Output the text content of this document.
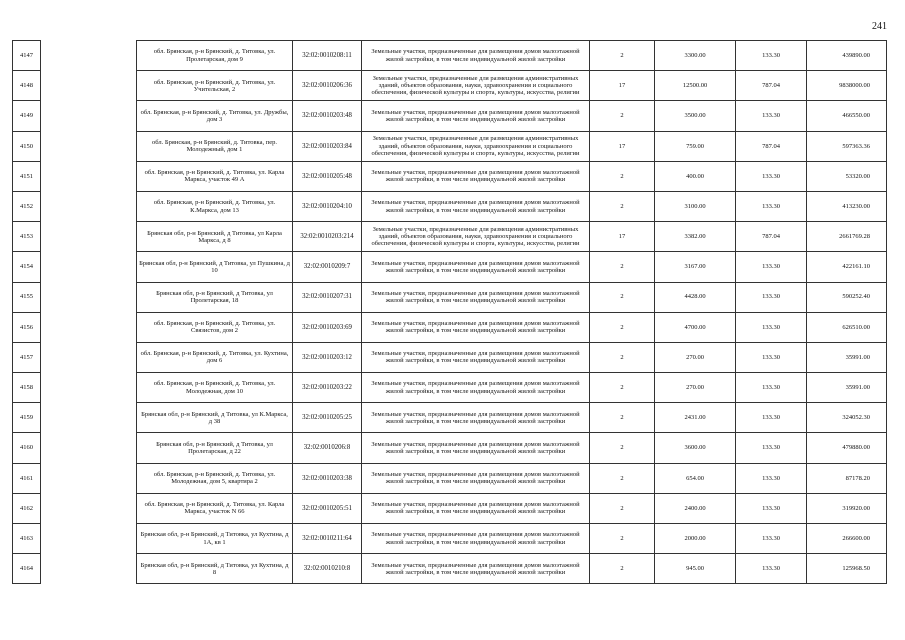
241
4147		обл. Брянская, р-н Брянский, д. Титовка, ул. Пролетарская, дом 9	32:02:0010208:11	Земельные участки, предназначенные для размещения домов малоэтажной жилой застройки, в том числе индивидуальной жилой застройки	2	3300.00	133.30	439890.00
4148		обл. Брянская, р-н Брянский, д. Титовка, ул. Учительская, 2	32:02:0010206:36	Земельные участки, предназначенные для размещения административных зданий, объектов образования, науки, здравоохранения и социального обеспечения, физической культуры и спорта, культуры, искусства, религии	17	12500.00	787.04	9838000.00
4149		обл. Брянская, р-н Брянский, д. Титовка, ул. Дружбы, дом 3	32:02:0010203:48	Земельные участки, предназначенные для размещения домов малоэтажной жилой застройки, в том числе индивидуальной жилой застройки	2	3500.00	133.30	466550.00
4150		обл. Брянская, р-н Брянский, д. Титовка, пер. Молодежный, дом 1	32:02:0010203:84	Земельные участки, предназначенные для размещения административных зданий, объектов образования, науки, здравоохранения и социального обеспечения, физической культуры и спорта, культуры, искусства, религии	17	759.00	787.04	597363.36
4151		обл. Брянская, р-н Брянский, д. Титовка, ул. Карла Маркса, участок 49 А	32:02:0010205:48	Земельные участки, предназначенные для размещения домов малоэтажной жилой застройки, в том числе индивидуальной жилой застройки	2	400.00	133.30	53320.00
4152		обл. Брянская, р-н Брянский, д. Титовка, ул. К.Маркса, дом 13	32:02:0010204:10	Земельные участки, предназначенные для размещения домов малоэтажной жилой застройки, в том числе индивидуальной жилой застройки	2	3100.00	133.30	413230.00
4153		Брянская обл, р-н Брянский, д Титовка, ул Карла Маркса, д 8	32:02:0010203:214	Земельные участки, предназначенные для размещения административных зданий, объектов образования, науки, здравоохранения и социального обеспечения, физической культуры и спорта, культуры, искусства, религии	17	3382.00	787.04	2661769.28
4154		Брянская обл, р-н Брянский, д Титовка, ул Пушкина, д 10	32:02:0010209:7	Земельные участки, предназначенные для размещения домов малоэтажной жилой застройки, в том числе индивидуальной жилой застройки	2	3167.00	133.30	422161.10
4155		Брянская обл, р-н Брянский, д Титовка, ул Пролетарская, 18	32:02:0010207:31	Земельные участки, предназначенные для размещения домов малоэтажной жилой застройки, в том числе индивидуальной жилой застройки	2	4428.00	133.30	590252.40
4156		обл. Брянская, р-н Брянский, д. Титовка, ул. Связистов, дом 2	32:02:0010203:69	Земельные участки, предназначенные для размещения домов малоэтажной жилой застройки, в том числе индивидуальной жилой застройки	2	4700.00	133.30	626510.00
4157		обл. Брянская, р-н Брянский, д. Титовка, ул. Кухтина, дом 6	32:02:0010203:12	Земельные участки, предназначенные для размещения домов малоэтажной жилой застройки, в том числе индивидуальной жилой застройки	2	270.00	133.30	35991.00
4158		обл. Брянская, р-н Брянский, д. Титовка, ул. Молодежная, дом 10	32:02:0010203:22	Земельные участки, предназначенные для размещения домов малоэтажной жилой застройки, в том числе индивидуальной жилой застройки	2	270.00	133.30	35991.00
4159		Брянская обл, р-н Брянский, д Титовка, ул К.Маркса, д 38	32:02:0010205:25	Земельные участки, предназначенные для размещения домов малоэтажной жилой застройки, в том числе индивидуальной жилой застройки	2	2431.00	133.30	324052.30
4160		Брянская обл, р-н Брянский, д Титовка, ул Пролетарская, д 22	32:02:0010206:8	Земельные участки, предназначенные для размещения домов малоэтажной жилой застройки, в том числе индивидуальной жилой застройки	2	3600.00	133.30	479880.00
4161		обл. Брянская, р-н Брянский, д. Титовка, ул. Молодежная, дом 5, квартира 2	32:02:0010203:38	Земельные участки, предназначенные для размещения домов малоэтажной жилой застройки, в том числе индивидуальной жилой застройки	2	654.00	133.30	87178.20
4162		обл. Брянская, р-н Брянский, д. Титовка, ул. Карла Маркса, участок N 66	32:02:0010205:51	Земельные участки, предназначенные для размещения домов малоэтажной жилой застройки, в том числе индивидуальной жилой застройки	2	2400.00	133.30	319920.00
4163		Брянская обл, р-н Брянский, д Титовка, ул Кухтина, д 1А, кв 1	32:02:0010211:64	Земельные участки, предназначенные для размещения домов малоэтажной жилой застройки, в том числе индивидуальной жилой застройки	2	2000.00	133.30	266600.00
4164		Брянская обл, р-н Брянский, д Титовка, ул Кухтина, д 8	32:02:0010210:8	Земельные участки, предназначенные для размещения домов малоэтажной жилой застройки, в том числе индивидуальной жилой застройки	2	945.00	133.30	125968.50
